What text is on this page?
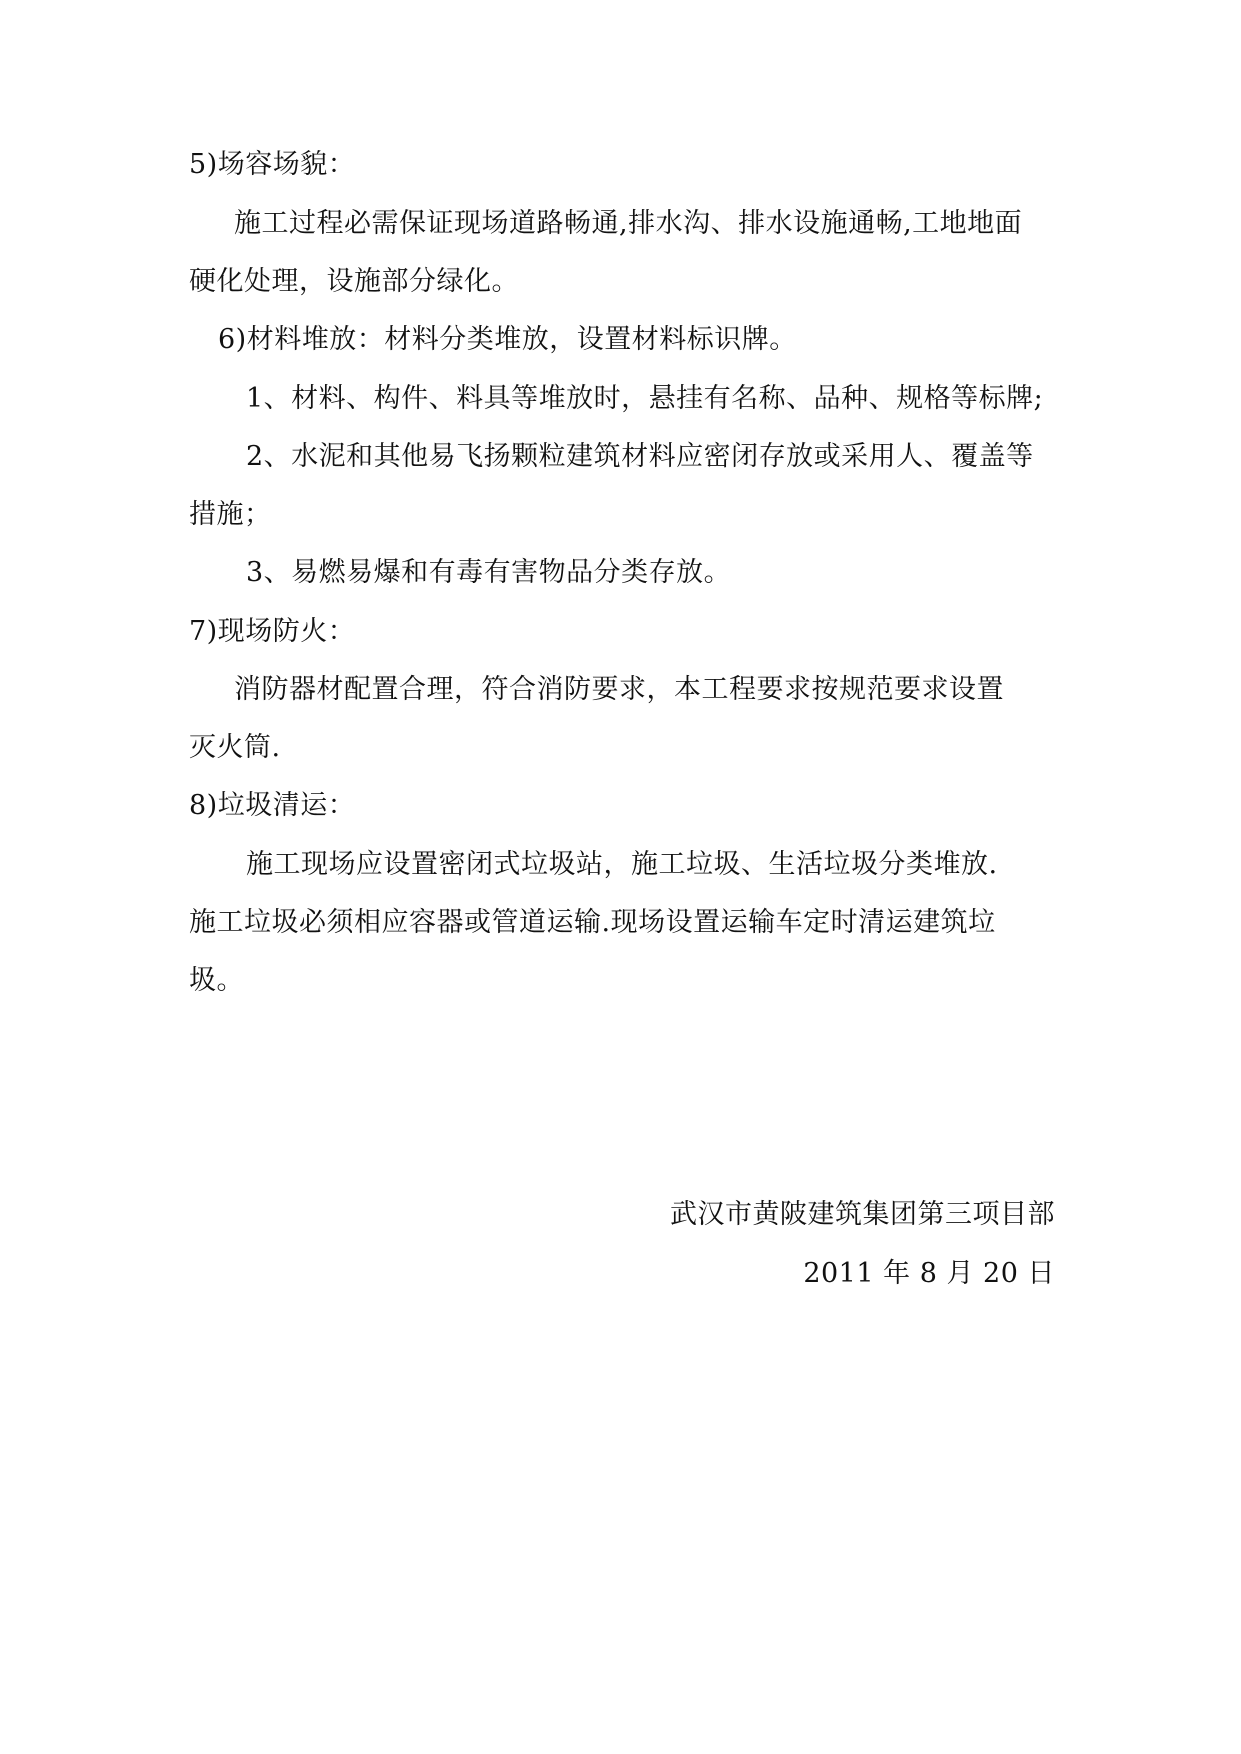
5)场容场貌：
施工过程必需保证现场道路畅通,排水沟、排水设施通畅,工地地面
硬化处理，设施部分绿化。
6)材料堆放：材料分类堆放，设置材料标识牌。
1、材料、构件、料具等堆放时，悬挂有名称、品种、规格等标牌;
2、水泥和其他易飞扬颗粒建筑材料应密闭存放或采用人、覆盖等
措施；
3、易燃易爆和有毒有害物品分类存放。
7)现场防火：
消防器材配置合理，符合消防要求，本工程要求按规范要求设置
灭火筒.
8)垃圾清运：
施工现场应设置密闭式垃圾站，施工垃圾、生活垃圾分类堆放.
施工垃圾必须相应容器或管道运输.现场设置运输车定时清运建筑垃
圾。
武汉市黄陂建筑集团第三项目部
2011 年 8 月 20 日
